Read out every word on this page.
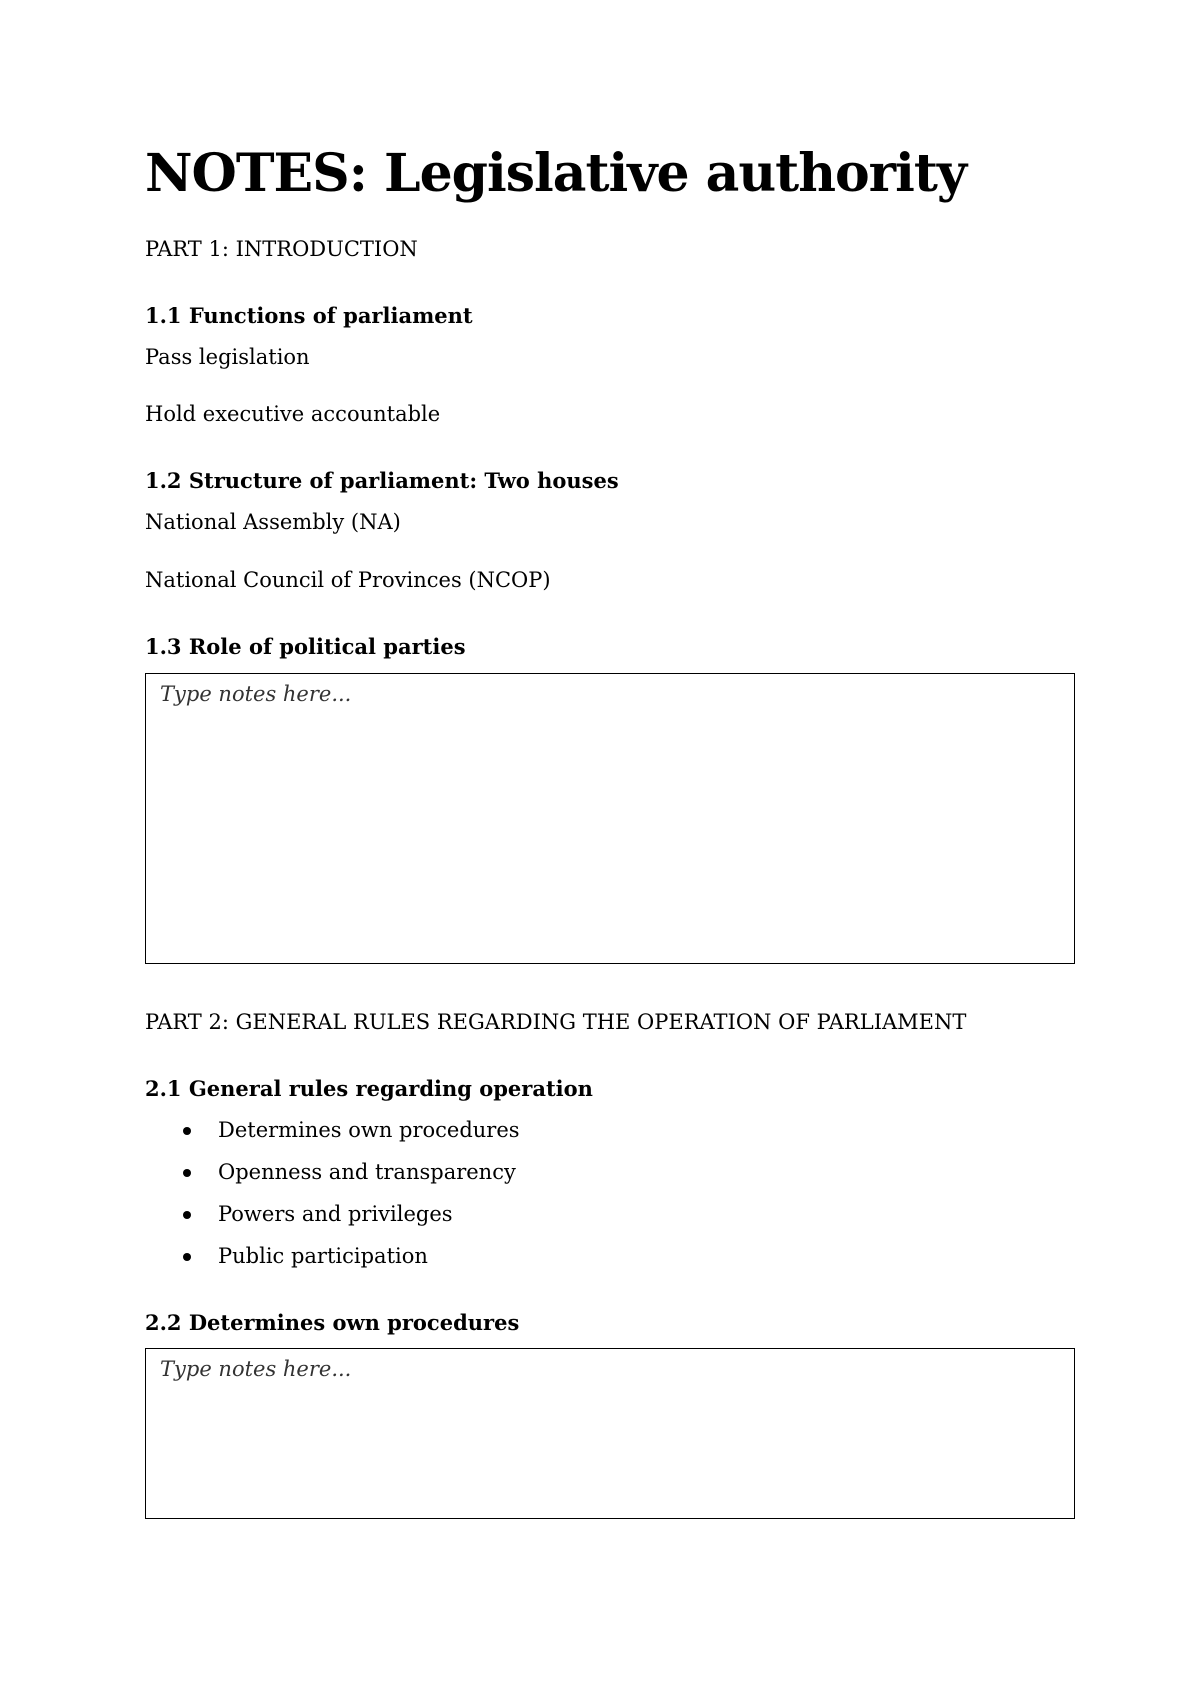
NOTES: Legislative authority
PART 1: INTRODUCTION
1.1 Functions of parliament
Pass legislation
Hold executive accountable
1.2 Structure of parliament: Two houses
National Assembly (NA)
National Council of Provinces (NCOP)
1.3 Role of political parties
Type notes here...
PART 2: GENERAL RULES REGARDING THE OPERATION OF PARLIAMENT
2.1 General rules regarding operation
Determines own procedures
Openness and transparency
Powers and privileges
Public participation
2.2 Determines own procedures
Type notes here...
